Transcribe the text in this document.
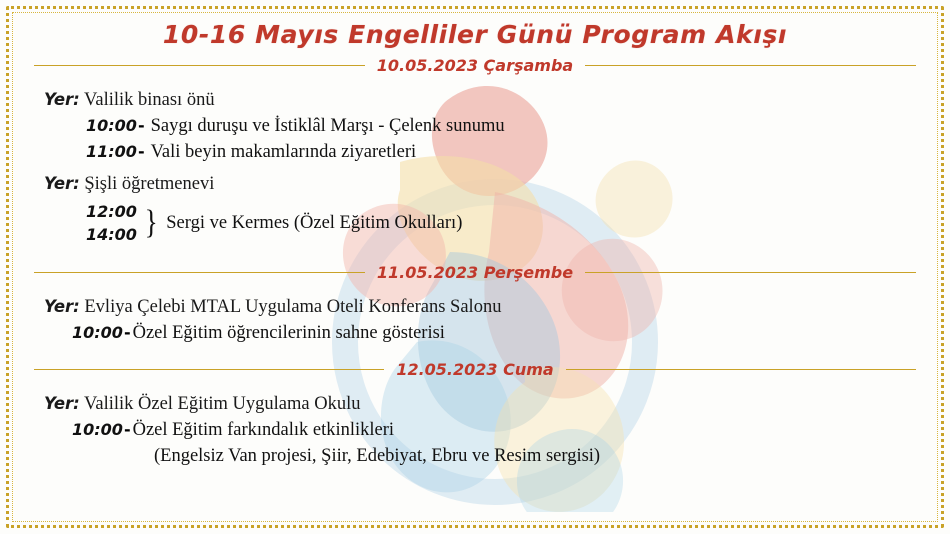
10-16 Mayıs Engelliler Günü Program Akışı
10.05.2023 Çarşamba
Yer: Valilik binası önü
10:00 - Saygı duruşu ve İstiklâl Marşı - Çelenk sunumu
11:00 - Vali beyin makamlarında ziyaretleri
Yer: Şişli öğretmenevi
12:00
14:00 } Sergi ve Kermes (Özel Eğitim Okulları)
11.05.2023 Perşembe
Yer: Evliya Çelebi MTAL Uygulama Oteli Konferans Salonu
10:00 - Özel Eğitim öğrencilerinin sahne gösterisi
12.05.2023 Cuma
Yer: Valilik Özel Eğitim Uygulama Okulu
10:00 - Özel Eğitim farkındalık etkinlikleri
(Engelsiz Van projesi, Şiir, Edebiyat, Ebru ve Resim sergisi)
